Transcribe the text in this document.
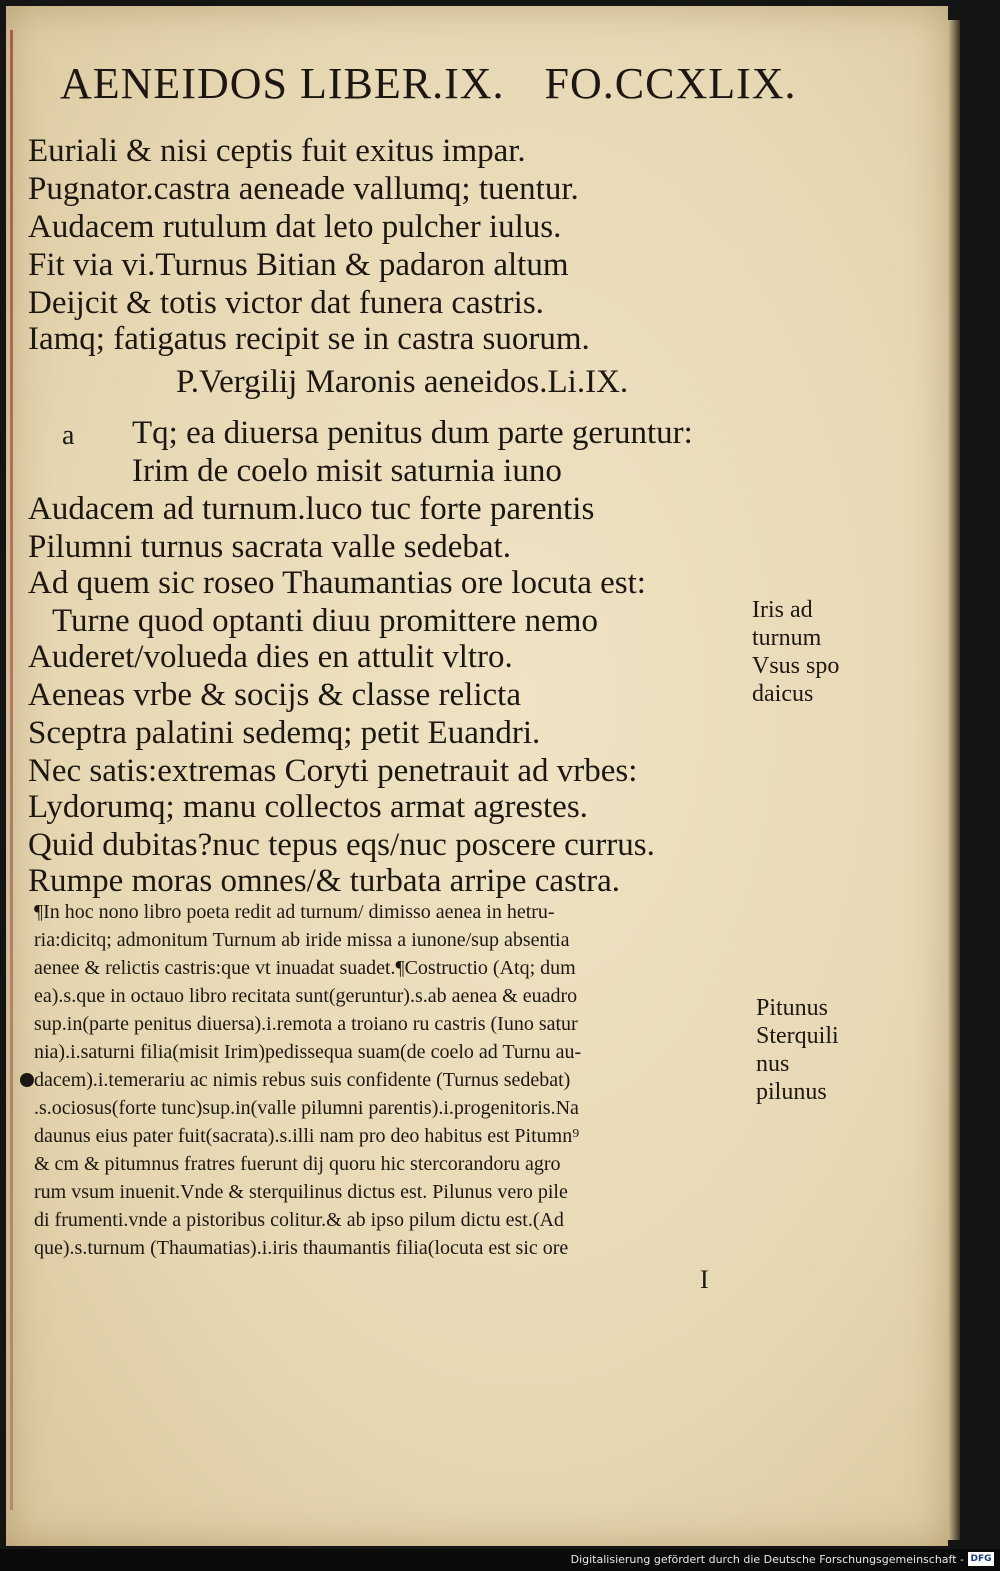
AENEIDOS LIBER.IX. FO.CCXLIX.
Euriali & nisi ceptis fuit exitus impar.
Pugnator.castra aeneade vallumq; tuentur.
Audacem rutulum dat leto pulcher iulus.
Fit via vi.Turnus Bitian & padaron altum
Deijcit & totis victor dat funera castris.
Iamq; fatigatus recipit se in castra suorum.
P.Vergilij Maronis aeneidos.Li.IX.
a Tq; ea diuersa penitus dum parte geruntur:
Irim de coelo misit saturnia iuno
Audacem ad turnum.luco tuc forte parentis
Pilumni turnus sacrata valle sedebat.
Ad quem sic roseo Thaumantias ore locuta est:
Turne quod optanti diuu promittere nemo
Auderet/volueda dies en attulit vltro.
Aeneas vrbe & socijs & classe relicta
Sceptra palatini sedemq; petit Euandri.
Nec satis:extremas Coryti penetrauit ad vrbes:
Lydorumq; manu collectos armat agrestes.
Quid dubitas?nuc tepus eqs/nuc poscere currus.
Rumpe moras omnes/& turbata arripe castra.
¶In hoc nono libro poeta redit ad turnum/ dimisso aenea in hetru-
ria:dicitq; admonitum Turnum ab iride missa a iunone/sup absentia
aenee & relictis castris:que vt inuadat suadet.¶Costructio (Atq; dum
ea).s.que in octauo libro recitata sunt(geruntur).s.ab aenea & euadro
sup.in(parte penitus diuersa).i.remota a troiano ru castris (Iuno satur
nia).i.saturni filia(misit Irim)pedissequa suam(de coelo ad Turnu au-
dacem).i.temerariu ac nimis rebus suis confidente (Turnus sedebat)
.s.ociosus(forte tunc)sup.in(valle pilumni parentis).i.progenitoris.Na
daunus eius pater fuit(sacrata).s.illi nam pro deo habitus est Pitumn⁹
& cm & pitumnus fratres fuerunt dij quoru hic stercorandoru agro
rum vsum inuenit.Vnde & sterquilinus dictus est. Pilunus vero pile
di frumenti.vnde a pistoribus colitur.& ab ipso pilum dictu est.(Ad
que).s.turnum (Thaumatias).i.iris thaumantis filia(locuta est sic ore
Iris ad
turnum
Vsus spo
daicus
Pitunus
Sterquili
nus
pilunus
I
Digitalisierung gefördert durch die Deutsche Forschungsgemeinschaft - DFG
